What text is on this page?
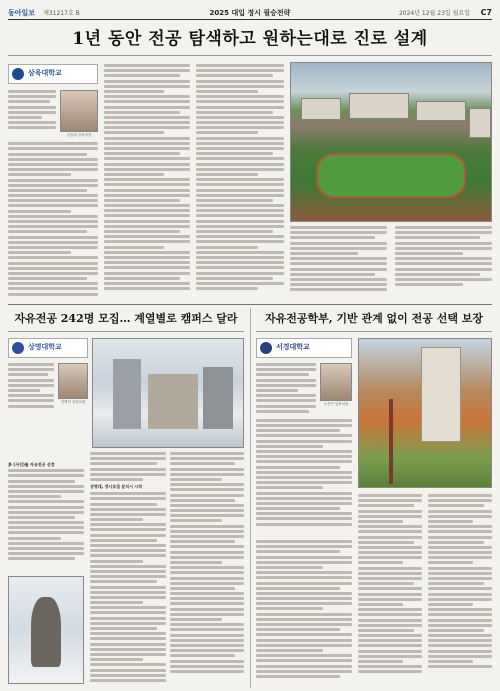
동아일보 제31217호 B	2025 대입 정시 필승전략	2024년 12월 23일 월요일 C7
1년 동안 전공 탐색하고 원하는대로 진로 설계
삼육대학교
김성희 입학처장
자유전공 242명 모집… 계열별로 캠퍼스 달라	자유전공학부, 기반 관계 없이 전공 선택 보장
상명대학교
정맥진 입학처장
多 (사진)를 자유전공 선정
상명대, 정시모집 분석시 시작
서경대학교
오종인 입학처장
